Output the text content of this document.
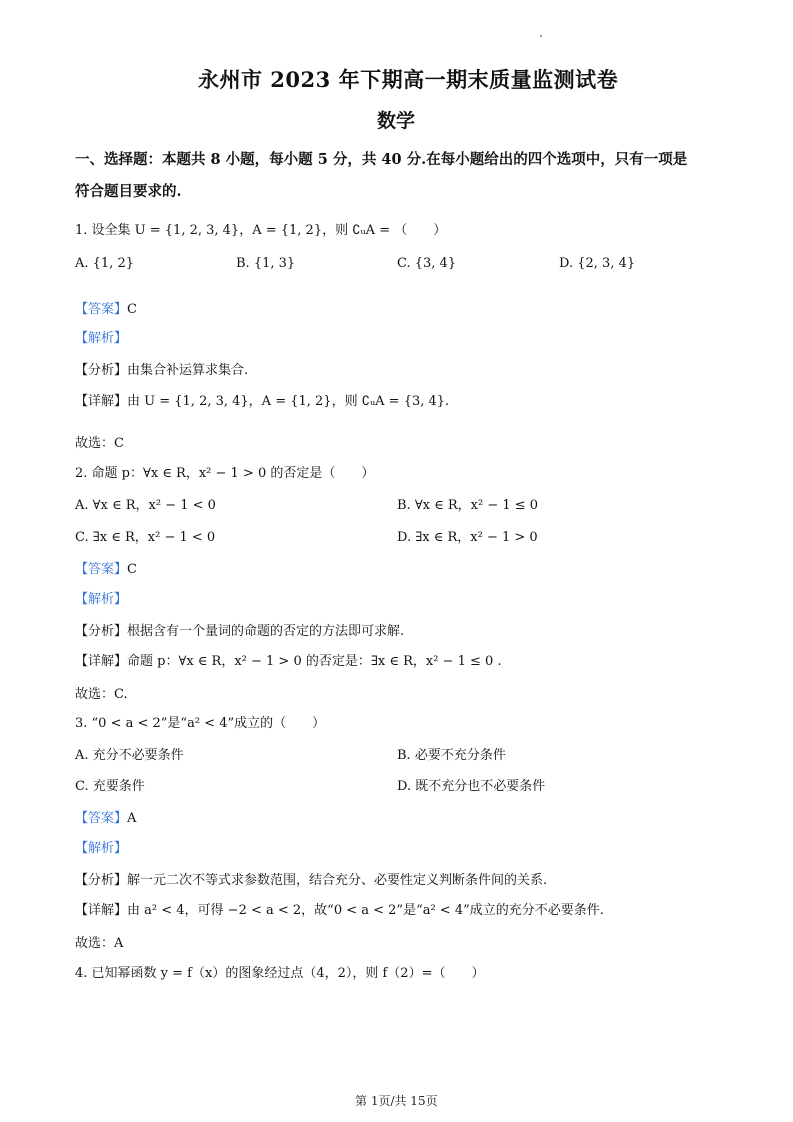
永州市 2023 年下期高一期末质量监测试卷
数学
一、选择题：本题共 8 小题，每小题 5 分，共 40 分.在每小题给出的四个选项中，只有一项是
符合题目要求的.
1. 设全集 U = {1, 2, 3, 4}，A = {1, 2}，则 ∁ᵤA = （　　）
A. {1, 2}	B. {1, 3}	C. {3, 4}	D. {2, 3, 4}
【答案】C
【解析】
【分析】由集合补运算求集合.
【详解】由 U = {1, 2, 3, 4}，A = {1, 2}，则 ∁ᵤA = {3, 4}.
故选：C
2. 命题 p：∀x ∈ R，x² − 1 > 0 的否定是（　　）
A. ∀x ∈ R，x² − 1 < 0	B. ∀x ∈ R，x² − 1 ≤ 0
C. ∃x ∈ R，x² − 1 < 0	D. ∃x ∈ R，x² − 1 > 0
【答案】C
【解析】
【分析】根据含有一个量词的命题的否定的方法即可求解.
【详解】命题 p：∀x ∈ R，x² − 1 > 0 的否定是：∃x ∈ R，x² − 1 ≤ 0 .
故选：C.
3. “0 < a < 2”是“a² < 4”成立的（　　）
A. 充分不必要条件	B. 必要不充分条件
C. 充要条件	D. 既不充分也不必要条件
【答案】A
【解析】
【分析】解一元二次不等式求参数范围，结合充分、必要性定义判断条件间的关系.
【详解】由 a² < 4，可得 −2 < a < 2，故“0 < a < 2”是“a² < 4”成立的充分不必要条件.
故选：A
4. 已知幂函数 y = f（x）的图象经过点（4，2），则 f（2）=（　　）
第 1页/共 15页
